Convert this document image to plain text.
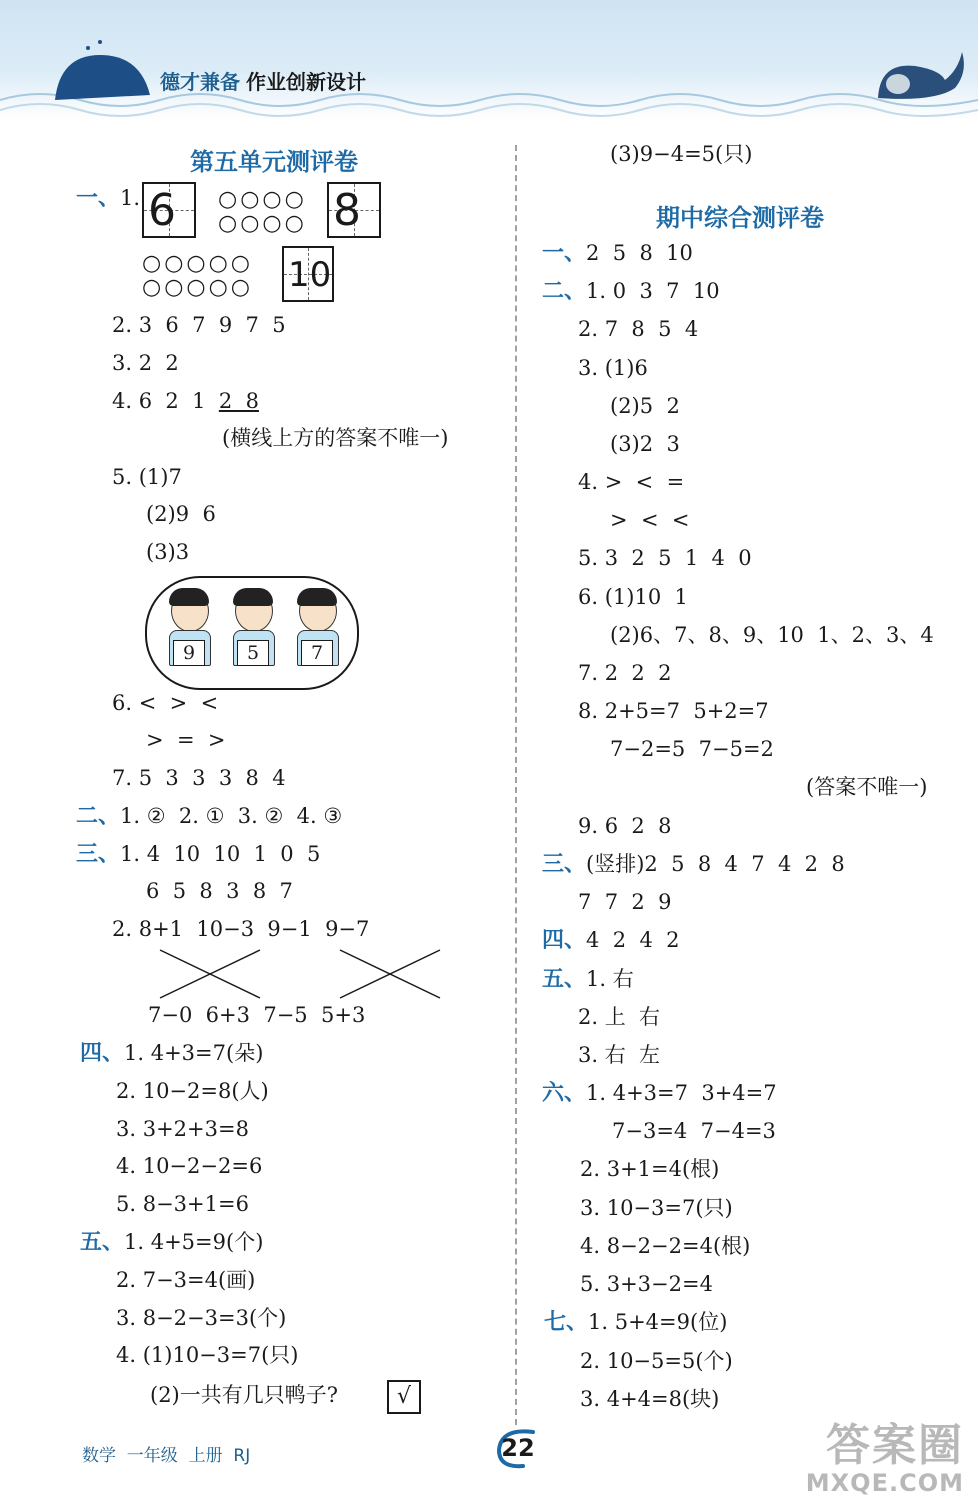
德才兼备 作业创新设计
第五单元测评卷
一、1. 6	○○○○
○○○○ 8
○○○○○
○○○○○ 10
2. 3  6  7  9  7  5
3. 2  2
4. 6  2  1  2  8
(横线上方的答案不唯一)
5. (1)7
(2)9  6
(3)3
9	5	7
6. <  >  <
>  =  >
7. 5  3  3  3  8  4
二、1. ②  2. ①  3. ②  4. ③
三、1. 4  10  10  1  0  5
6  5  8  3  8  7
2. 8+1  10−3  9−1  9−7
7−0  6+3  7−5  5+3
四、1. 4+3=7(朵)
2. 10−2=8(人)
3. 3+2+3=8
4. 10−2−2=6
5. 8−3+1=6
五、1. 4+5=9(个)
2. 7−3=4(画)
3. 8−2−3=3(个)
4. (1)10−3=7(只)
(2)一共有几只鸭子?	√
(3)9−4=5(只)
期中综合测评卷
一、2  5  8  10
二、1. 0  3  7  10
2. 7  8  5  4
3. (1)6
(2)5  2
(3)2  3
4. >  <  =
>  <  <
5. 3  2  5  1  4  0
6. (1)10  1
(2)6、7、8、9、10  1、2、3、4
7. 2  2  2
8. 2+5=7  5+2=7
7−2=5  7−5=2
(答案不唯一)
9. 6  2  8
三、(竖排)2  5  8  4  7  4  2  8
7  7  2  9
四、4  2  4  2
五、1. 右
2. 上  右
3. 右  左
六、1. 4+3=7  3+4=7
7−3=4  7−4=3
2. 3+1=4(根)
3. 10−3=7(只)
4. 8−2−2=4(根)
5. 3+3−2=4
七、1. 5+4=9(位)
2. 10−5=5(个)
3. 4+4=8(块)
数学  一年级  上册  RJ	22	答案圈
MXQE.COM
